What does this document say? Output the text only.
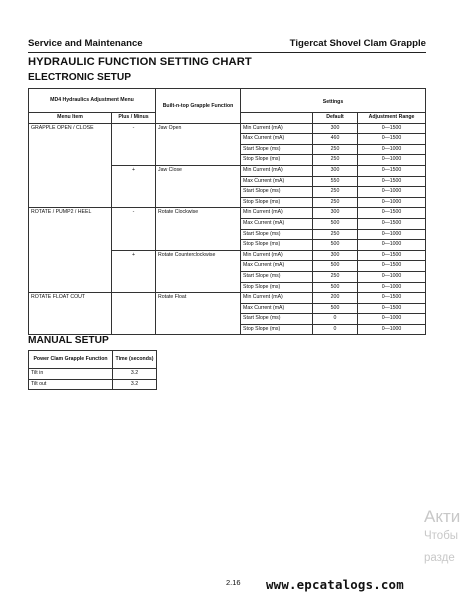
Service and Maintenance	Tigercat Shovel Clam Grapple
HYDRAULIC FUNCTION SETTING CHART
ELECTRONIC SETUP
MD4 Hydraulics Adjustment Menu		Built-n-top Grapple Function	Settings		
Menu Item	Plus / Minus			Default	Adjustment Range
GRAPPLE OPEN / CLOSE	-	Jaw Open	Min Current (mA)	300	0—1500
			Max Current (mA)	460	0—1500
			Start Slope (ms)	250	0—1000
			Stop Slope (ms)	250	0—1000
	+	Jaw Close	Min Current (mA)	300	0—1500
			Max Current (mA)	550	0—1500
			Start Slope (ms)	250	0—1000
			Stop Slope (ms)	250	0—1000
ROTATE / PUMP2 / HEEL	-	Rotate Clockwise	Min Current (mA)	300	0—1500
			Max Current (mA)	500	0—1500
			Start Slope (ms)	250	0—1000
			Stop Slope (ms)	500	0—1000
	+	Rotate Counterclockwise	Min Current (mA)	300	0—1500
			Max Current (mA)	500	0—1500
			Start Slope (ms)	250	0—1000
			Stop Slope (ms)	500	0—1000
ROTATE FLOAT COUT		Rotate Float	Min Current (mA)	200	0—1500
			Max Current (mA)	500	0—1500
			Start Slope (ms)	0	0—1000
			Stop Slope (ms)	0	0—1000
MANUAL SETUP
Power Clam Grapple Function	Time (seconds)
Tilt in	3.2
Tilt out	3.2
2.16 www.epcatalogs.com
Акти
Чтобы
разде
